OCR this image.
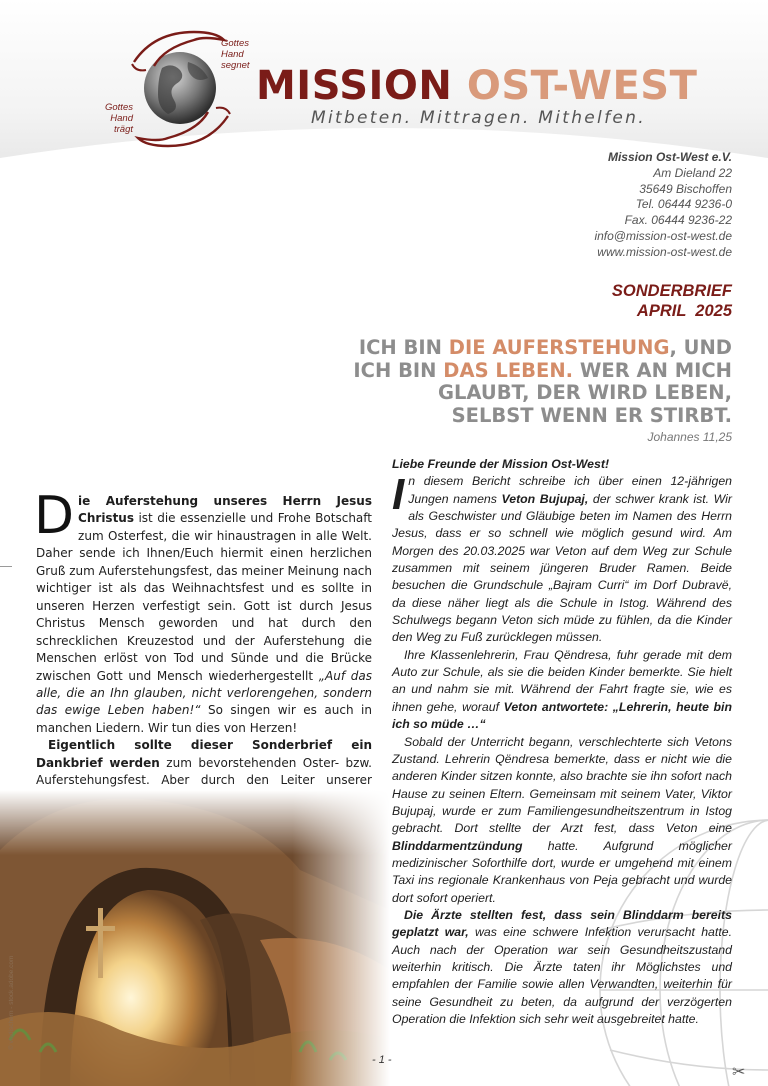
Gottes
Hand
segnet
Gottes
Hand
trägt
MISSION OST-WEST
Mitbeten. Mittragen. Mithelfen.
Mission Ost-West e.V.
Am Dieland 22
35649 Bischoffen
Tel. 06444 9236-0
Fax. 06444 9236-22
info@mission-ost-west.de
www.mission-ost-west.de
SONDERBRIEF
APRIL  2025
ICH BIN DIE AUFERSTEHUNG, UND
ICH BIN DAS LEBEN. WER AN MICH
GLAUBT, DER WIRD LEBEN,
SELBST WENN ER STIRBT.
Johannes 11,25

Die Auferstehung unseres Herrn Jesus Christus ist die essenzielle und Frohe Botschaft zum Osterfest, die wir hinaustragen in alle Welt. Daher sende ich Ihnen/Euch hiermit einen herzlichen Gruß zum Auferstehungsfest, das meiner Meinung nach wichtiger ist als das Weihnachtsfest und es sollte in unseren Herzen verfestigt sein. Gott ist durch Jesus Christus Mensch geworden und hat durch den schrecklichen Kreuzestod und der Auferstehung die Menschen erlöst von Tod und Sünde und die Brücke zwischen Gott und Mensch wiederhergestellt „Auf das alle, die an Ihn glauben, nicht verlorengehen, sondern das ewige Leben haben!“ So singen wir es auch in manchen Liedern. Wir tun dies von Herzen!

Eigentlich sollte dieser Sonderbrief ein Dankbrief werden zum bevorstehenden Oster- bzw. Auferstehungsfest. Aber durch den Leiter unserer

© vladischern - stock.adobe.com

Liebe Freunde der Mission Ost-West!

In diesem Bericht schreibe ich über einen 12-jährigen Jungen namens Veton Bujupaj, der schwer krank ist. Wir als Geschwister und Gläubige beten im Namen des Herrn Jesus, dass er so schnell wie möglich gesund wird. Am Morgen des 20.03.2025 war Veton auf dem Weg zur Schule zusammen mit seinem jüngeren Bruder Ramen. Beide besuchen die Grundschule „Bajram Curri“ im Dorf Dubravë, da diese näher liegt als die Schule in Istog. Während des Schulwegs begann Veton sich müde zu fühlen, da die Kinder den Weg zu Fuß zurücklegen müssen.

Ihre Klassenlehrerin, Frau Qëndresa, fuhr gerade mit dem Auto zur Schule, als sie die beiden Kinder bemerkte. Sie hielt an und nahm sie mit. Während der Fahrt fragte sie, wie es ihnen gehe, worauf Veton antwortete: „Lehrerin, heute bin ich so müde …“

Sobald der Unterricht begann, verschlechterte sich Vetons Zustand. Lehrerin Qëndresa bemerkte, dass er nicht wie die anderen Kinder sitzen konnte, also brachte sie ihn sofort nach Hause zu seinen Eltern. Gemeinsam mit seinem Vater, Viktor Bujupaj, wurde er zum Familiengesundheitszentrum in Istog gebracht. Dort stellte der Arzt fest, dass Veton eine Blinddarmentzündung hatte. Aufgrund möglicher medizinischer Soforthilfe dort, wurde er umgehend mit einem Taxi ins regionale Krankenhaus von Peja gebracht und wurde dort sofort operiert.

Die Ärzte stellten fest, dass sein Blinddarm bereits geplatzt war, was eine schwere Infektion verursacht hatte. Auch nach der Operation war sein Gesundheitszustand weiterhin kritisch. Die Ärzte taten ihr Möglichstes und empfahlen der Familie sowie allen Verwandten, weiterhin für seine Gesundheit zu beten, da aufgrund der verzögerten Operation die Infektion sich sehr weit ausgebreitet hatte.

- 1 -
✂
